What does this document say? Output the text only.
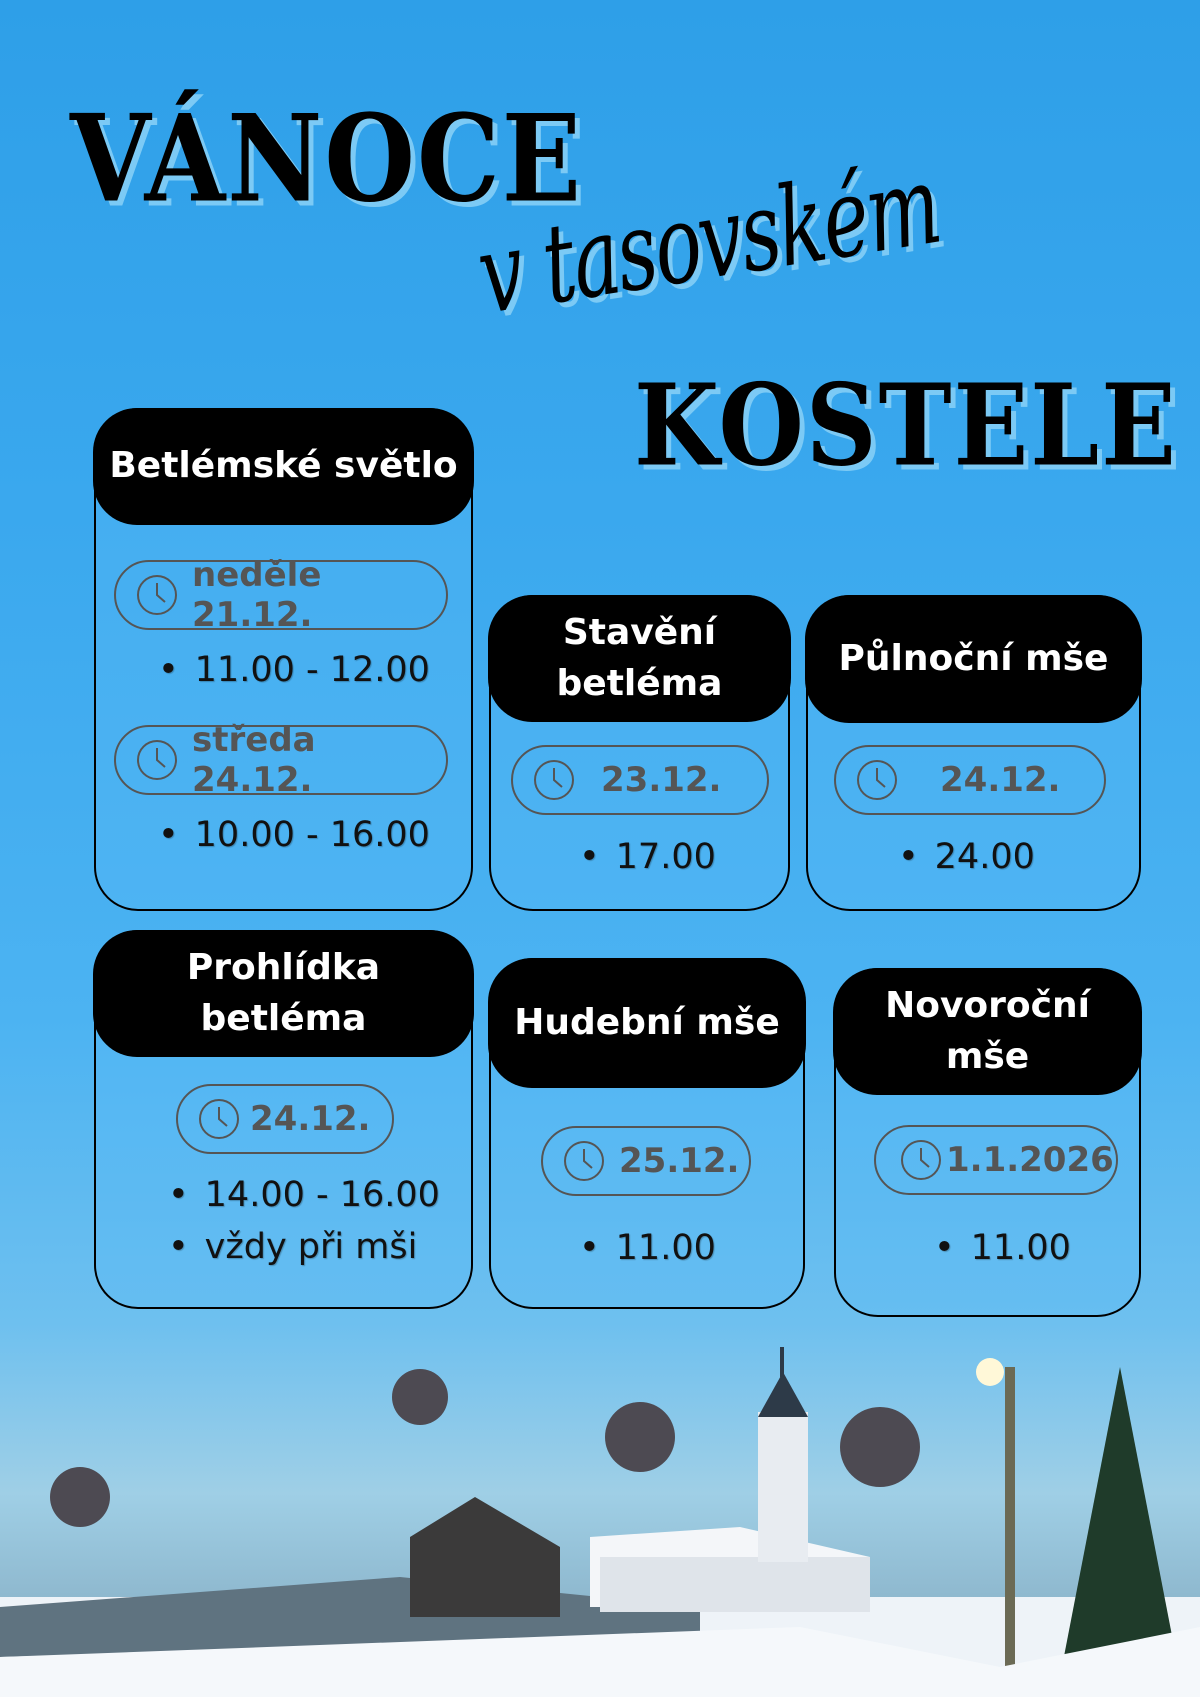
VÁNOCE
v tasovském
KOSTELE
Betlémské světlo
neděle 21.12.
• 11.00 - 12.00
středa 24.12.
• 10.00 - 16.00
Stavění betléma
23.12.
• 17.00
Půlnoční mše
24.12.
• 24.00
Prohlídka betléma
24.12.
• 14.00 - 16.00
• vždy při mši
Hudební mše
25.12.
• 11.00
Novoroční mše
1.1.2026
• 11.00
